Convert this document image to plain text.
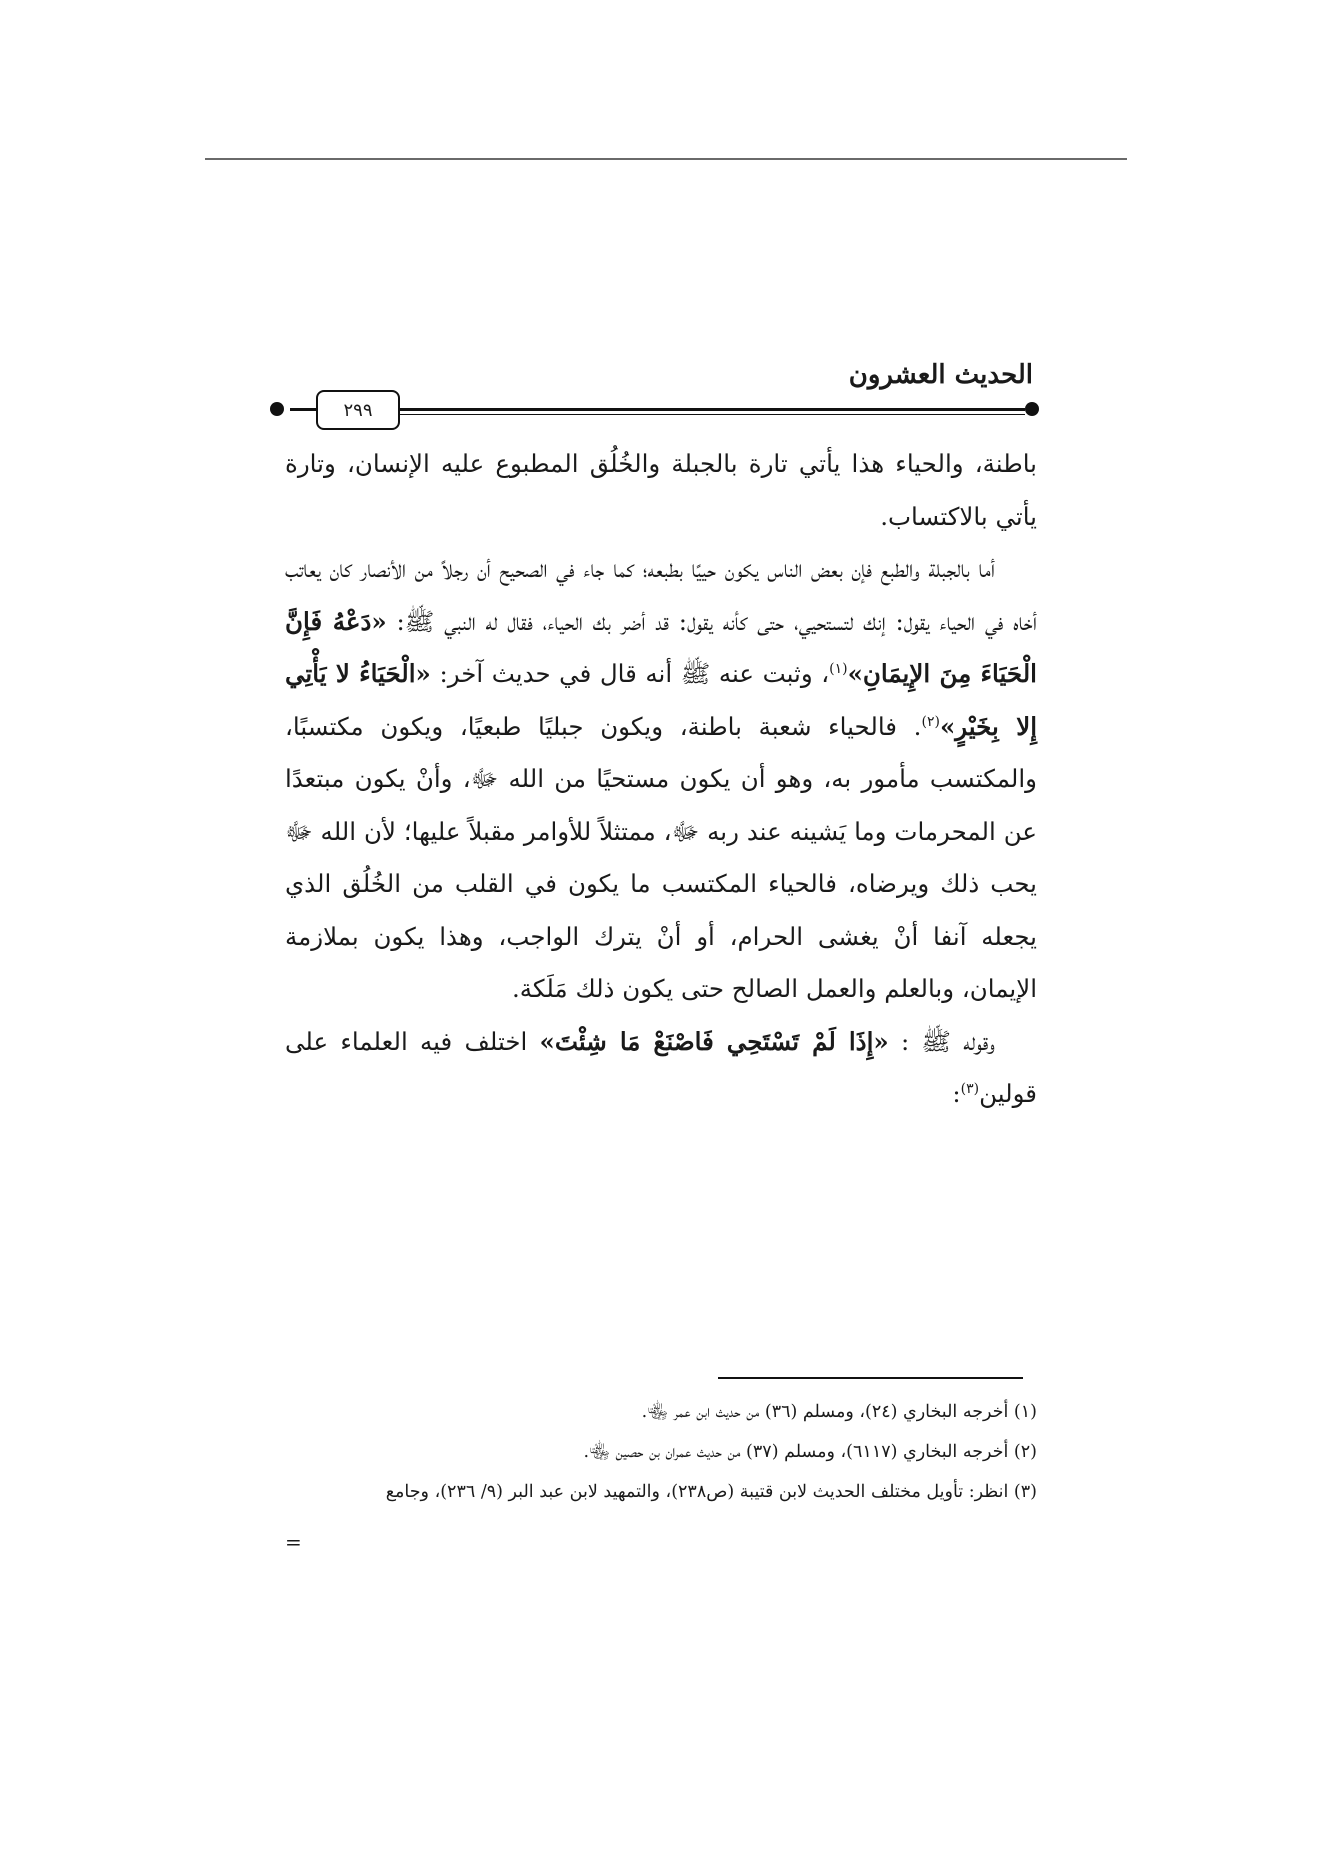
الحديث العشرون
٢٩٩

باطنة، والحياء هذا يأتي تارة بالجبلة والخُلُق المطبوع عليه الإنسان، وتارة يأتي بالاكتساب.

أما بالجبلة والطبع فإن بعض الناس يكون حييًا بطبعه؛ كما جاء في الصحيح أن رجلاً من الأنصار كان يعاتب أخاه في الحياء يقول: إنك لتستحيي، حتى كأنه يقول: قد أضر بك الحياء، فقال له النبي ﷺ: «دَعْهُ فَإِنَّ الْحَيَاءَ مِنَ الإِيمَانِ»$^{(١)}$، وثبت عنه ﷺ أنه قال في حديث آخر: «الْحَيَاءُ لا يَأْتِي إِلا بِخَيْرٍ»$^{(٢)}$. فالحياء شعبة باطنة، ويكون جبليًا طبعيًا، ويكون مكتسبًا، والمكتسب مأمور به، وهو أن يكون مستحيًا من الله ﷻ، وأنْ يكون مبتعدًا عن المحرمات وما يَشينه عند ربه ﷻ، ممتثلاً للأوامر مقبلاً عليها؛ لأن الله ﷻ يحب ذلك ويرضاه، فالحياء المكتسب ما يكون في القلب من الخُلُق الذي يجعله آنفا أنْ يغشى الحرام، أو أنْ يترك الواجب، وهذا يكون بملازمة الإيمان، وبالعلم والعمل الصالح حتى يكون ذلك مَلَكة.

وقوله ﷺ : «إِذَا لَمْ تَسْتَحِي فَاصْنَعْ مَا شِئْتَ» اختلف فيه العلماء على قولين$^{(٣)}$:

(١) أخرجه البخاري (٢٤)، ومسلم (٣٦) من حديث ابن عمر ﵄.

(٢) أخرجه البخاري (٦١١٧)، ومسلم (٣٧) من حديث عمران بن حصين ﵄.

(٣) انظر: تأويل مختلف الحديث لابن قتيبة (ص٢٣٨)، والتمهيد لابن عبد البر (٩/ ٢٣٦)، وجامع

=
